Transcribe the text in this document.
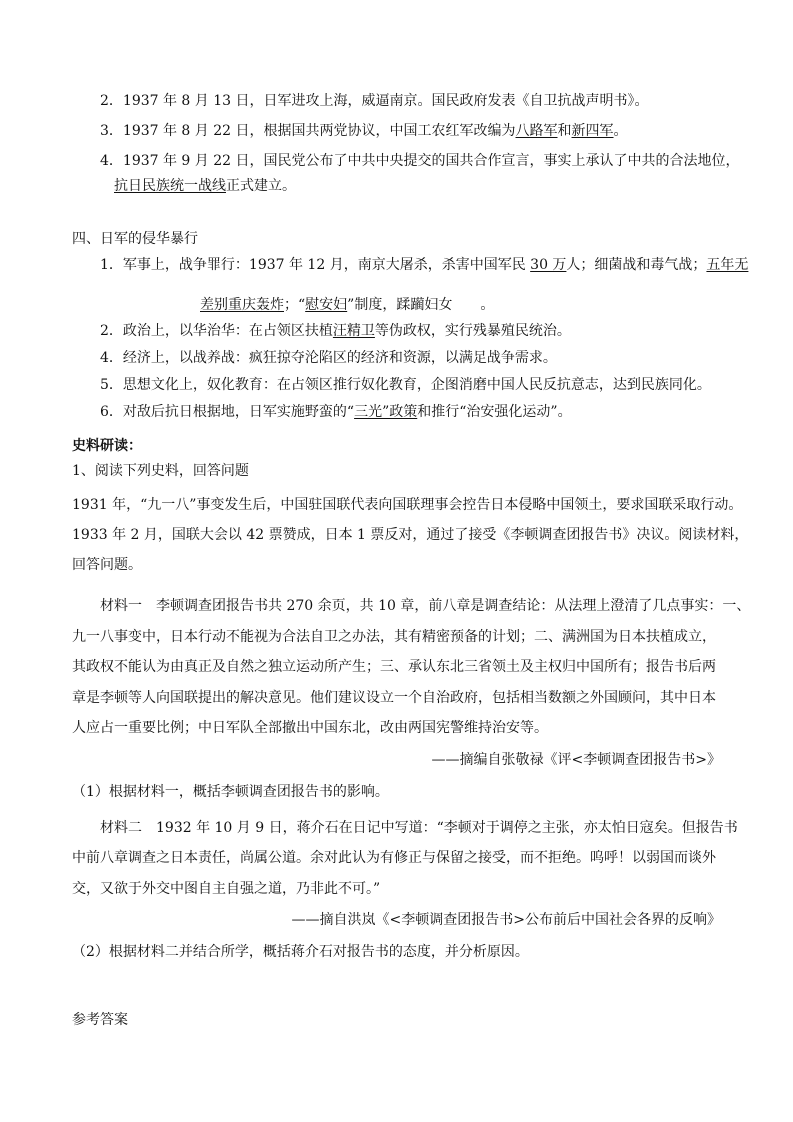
2．1937 年 8 月 13 日，日军进攻上海，威逼南京。国民政府发表《自卫抗战声明书》。
3．1937 年 8 月 22 日，根据国共两党协议，中国工农红军改编为八路军和新四军。
4．1937 年 9 月 22 日，国民党公布了中共中央提交的国共合作宣言，事实上承认了中共的合法地位，
抗日民族统一战线正式建立。
四、日军的侵华暴行
1．军事上，战争罪行：1937 年 12 月，南京大屠杀，杀害中国军民 30 万人；细菌战和毒气战；五年无
差别重庆轰炸；“慰安妇”制度，蹂躏妇女　　。
2．政治上，以华治华：在占领区扶植汪精卫等伪政权，实行残暴殖民统治。
4．经济上，以战养战：疯狂掠夺沦陷区的经济和资源，以满足战争需求。
5．思想文化上，奴化教育：在占领区推行奴化教育，企图消磨中国人民反抗意志，达到民族同化。
6．对敌后抗日根据地，日军实施野蛮的“三光”政策和推行“治安强化运动”。
史料研读：
1、阅读下列史料，回答问题
1931 年，“九一八”事变发生后，中国驻国联代表向国联理事会控告日本侵略中国领土，要求国联采取行动。
1933 年 2 月，国联大会以 42 票赞成，日本 1 票反对，通过了接受《李顿调查团报告书》决议。阅读材料，
回答问题。
材料一　李顿调查团报告书共 270 余页，共 10 章，前八章是调查结论：从法理上澄清了几点事实：一、
九一八事变中，日本行动不能视为合法自卫之办法，其有精密预备的计划；二、满洲国为日本扶植成立，
其政权不能认为由真正及自然之独立运动所产生；三、承认东北三省领土及主权归中国所有；报告书后两
章是李顿等人向国联提出的解决意见。他们建议设立一个自治政府，包括相当数额之外国顾问，其中日本
人应占一重要比例；中日军队全部撤出中国东北，改由两国宪警维持治安等。
——摘编自张敬禄《评<李顿调查团报告书>》
（1）根据材料一，概括李顿调查团报告书的影响。
材料二　1932 年 10 月 9 日，蒋介石在日记中写道：“李顿对于调停之主张，亦太怕日寇矣。但报告书
中前八章调查之日本责任，尚属公道。余对此认为有修正与保留之接受，而不拒绝。呜呼！以弱国而谈外
交，又欲于外交中图自主自强之道，乃非此不可。”
——摘自洪岚《<李顿调查团报告书>公布前后中国社会各界的反响》
（2）根据材料二并结合所学，概括蒋介石对报告书的态度，并分析原因。
参考答案
